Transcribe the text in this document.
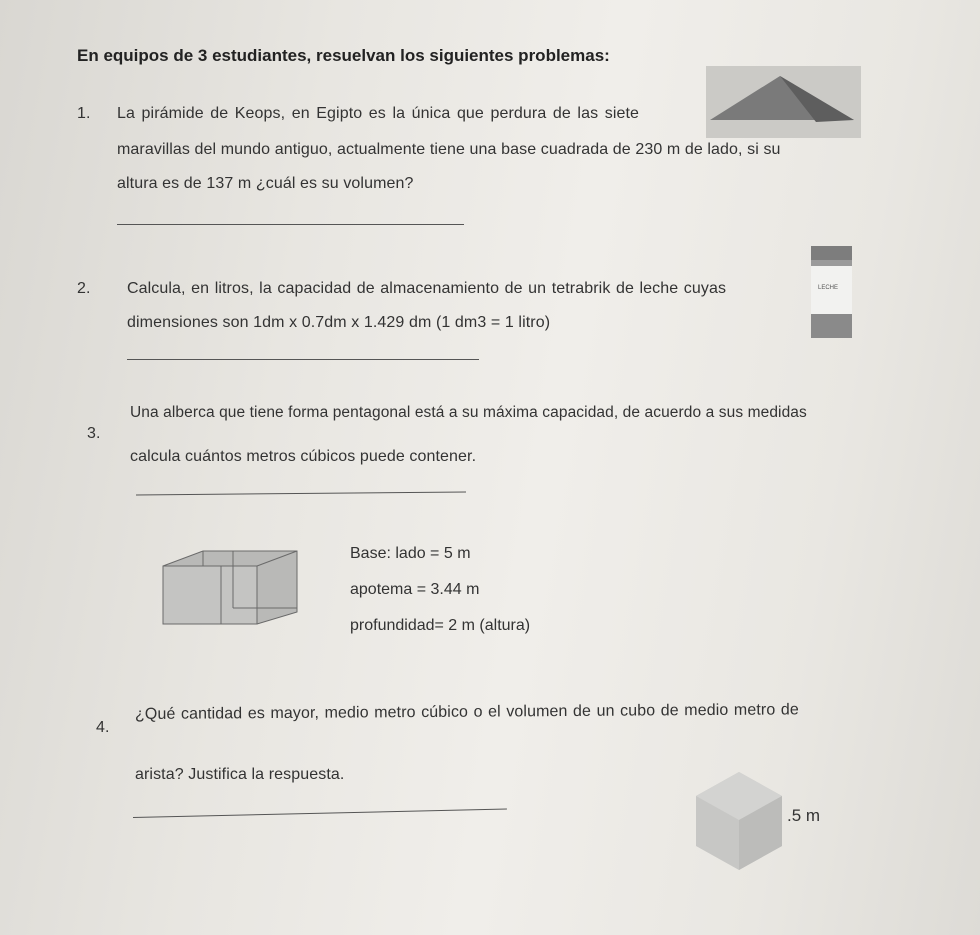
En equipos de 3 estudiantes, resuelvan los siguientes problemas:
1. La pirámide de Keops, en Egipto es la única que perdura de las siete
maravillas del mundo antiguo, actualmente tiene una base cuadrada de 230 m de lado, si su
altura es de 137 m ¿cuál es su volumen?
2. Calcula, en litros, la capacidad de almacenamiento de un tetrabrik de leche cuyas
dimensiones son 1dm x 0.7dm x 1.429 dm (1 dm3 = 1 litro)
LECHE
3.
Una alberca que tiene forma pentagonal está a su máxima capacidad, de acuerdo a sus medidas
calcula cuántos metros cúbicos puede contener.
Base: lado = 5 m
apotema = 3.44 m
profundidad= 2 m (altura)
4.
¿Qué cantidad es mayor, medio metro cúbico o el volumen de un cubo de medio metro de
arista? Justifica la respuesta.
.5 m
